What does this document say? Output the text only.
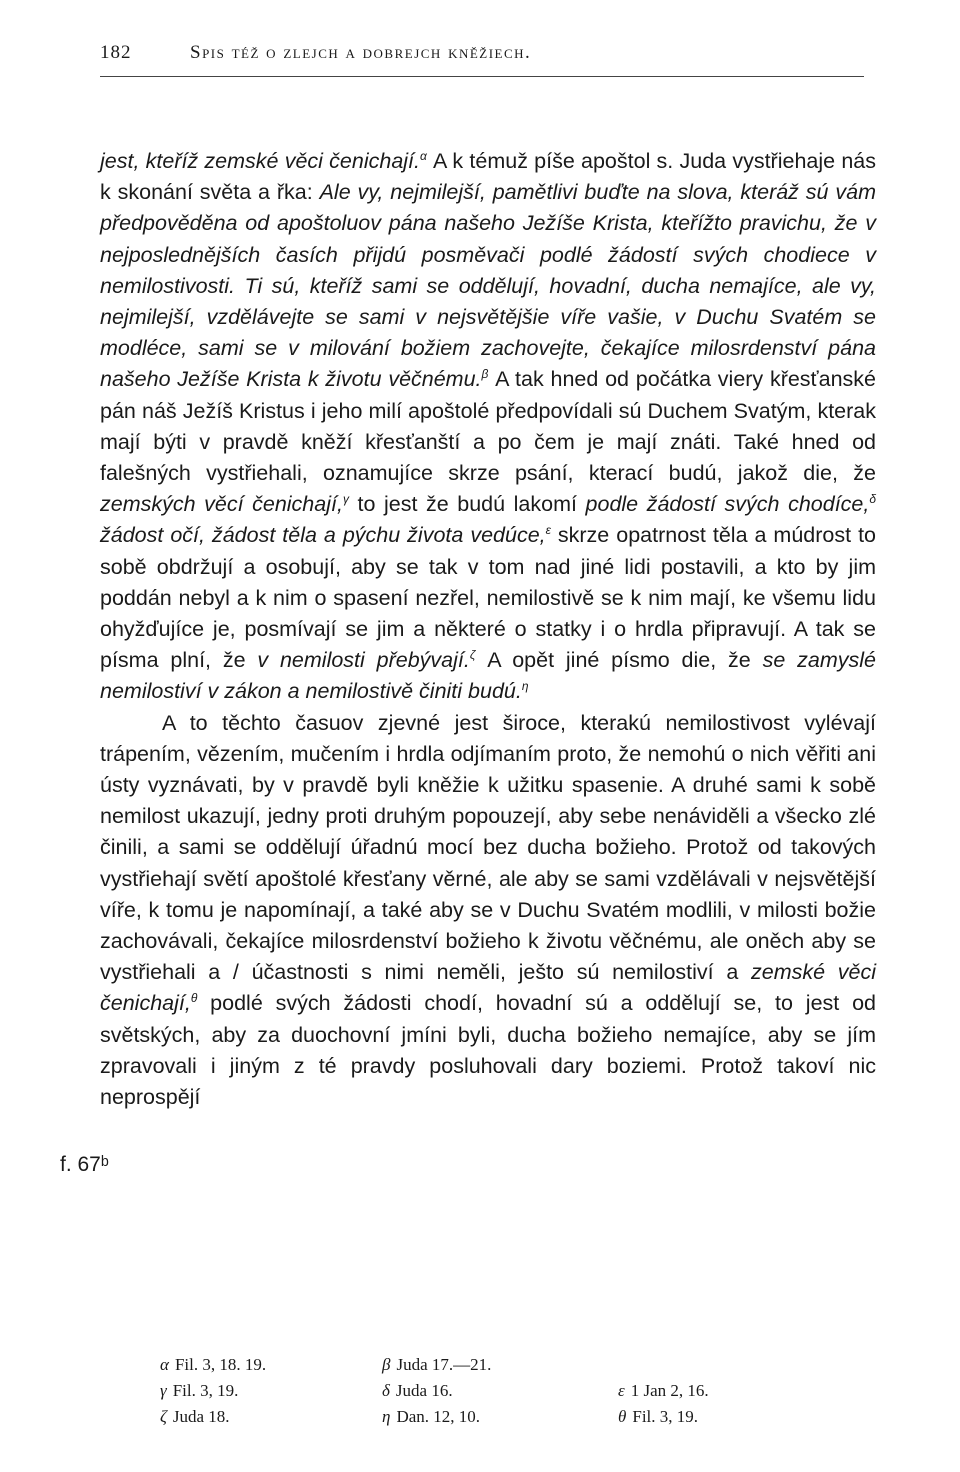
182	Spis též o zlejch a dobrejch kněžiech.
f. 67ᵇ

jest, kteříž zemské věci čenichají.$^\alpha$ A k témuž píše apoštol s. Juda vystřiehaje nás k skonání světa a řka: Ale vy, nejmilejší, pamětlivi buďte na slova, kteráž sú vám předpověděna od apoštoluov pána našeho Ježíše Krista, kteřížto pravichu, že v nejposlednějších časích přijdú posměvači podlé žádostí svých chodiece v nemilostivosti. Ti sú, kteříž sami se oddělují, hovadní, ducha nemajíce, ale vy, nejmilejší, vzdělávejte se sami v nejsvětějšie víře vašie, v Duchu Svatém se modléce, sami se v milování božiem zachovejte, čekajíce milosrdenství pána našeho Ježíše Krista k životu věčnému.$^\beta$ A tak hned od počátka viery křesťanské pán náš Ježíš Kristus i jeho milí apoštolé předpovídali sú Duchem Svatým, kterak mají býti v pravdě kněží křesťanští a po čem je mají znáti. Také hned od falešných vystřiehali, oznamujíce skrze psání, kterací budú, jakož die, že zemských věcí čenichají,$^\gamma$ to jest že budú lakomí podle žádostí svých chodíce,$^\delta$ žádost očí, žádost těla a pýchu života vedúce,$^\varepsilon$ skrze opatrnost těla a múdrost to sobě obdržují a osobují, aby se tak v tom nad jiné lidi postavili, a kto by jim poddán nebyl a k nim o spasení nezřel, nemilostivě se k nim mají, ke všemu lidu ohyžďujíce je, posmívají se jim a některé o statky i o hrdla připravují. A tak se písma plní, že v nemilosti přebývají.$^\zeta$ A opět jiné písmo die, že se zamyslé nemilostiví v zákon a nemilostivě činiti budú.$^\eta$

A to těchto časuov zjevné jest široce, kterakú nemilostivost vylévají trápením, vězením, mučením i hrdla odjímaním proto, že nemohú o nich věřiti ani ústy vyznávati, by v pravdě byli kněžie k užitku spasenie. A druhé sami k sobě nemilost ukazují, jedny proti druhým popouzejí, aby sebe nenáviděli a všecko zlé činili, a sami se oddělují úřadnú mocí bez ducha božieho. Protož od takových vystřiehají světí apoštolé křesťany věrné, ale aby se sami vzdělávali v nejsvětější víře, k tomu je napomínají, a také aby se v Duchu Svatém modlili, v milosti božie zachovávali, čekajíce milosrdenství božieho k životu věčnému, ale oněch aby se vystřiehali a / účastnosti s nimi neměli, ješto sú nemilostiví a zemské věci čenichají,$^\theta$ podlé svých žádosti chodí, hovadní sú a oddělují se, to jest od světských, aby za duochovní jmíni byli, ducha božieho nemajíce, aby se jím zpravovali i jiným z té pravdy posluhovali dary boziemi. Protož takoví nic neprospějí

α Fil. 3, 18. 19.	β Juda 17.—21.
γ Fil. 3, 19.	δ Juda 16.	ε 1 Jan 2, 16.
ζ Juda 18.	η Dan. 12, 10.	θ Fil. 3, 19.
